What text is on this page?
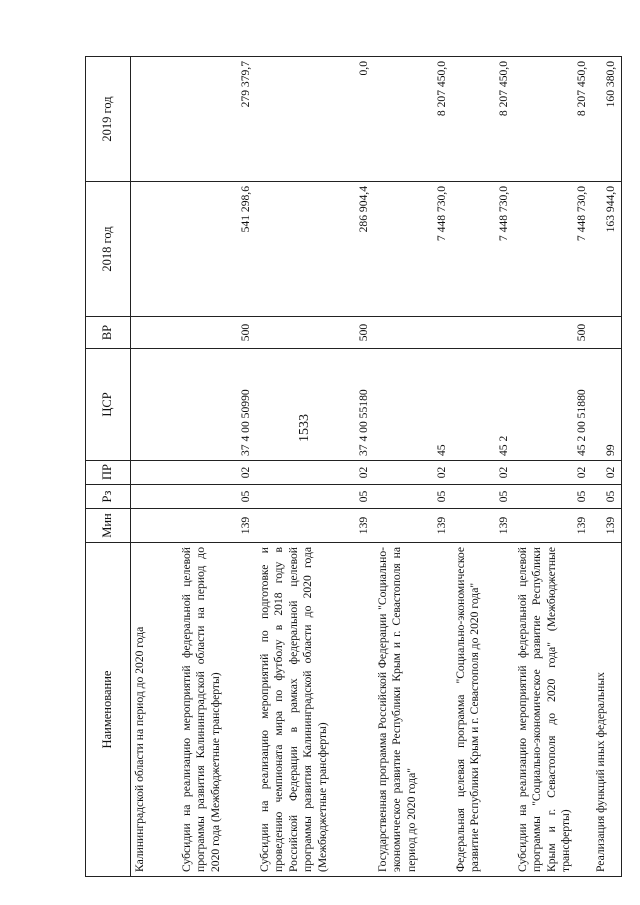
1533
Наименование	Мин	Рз	ПР	ЦСР	ВР	2018 год	2019 год
Калининградской области на период до 2020 года							
Субсидии на реализацию мероприятий федеральной целевой программы развития Калининградской области на период до 2020 года (Межбюджетные трансферты)	139	05	02	37 4 00 50990	500	541 298,6	279 379,7
Субсидии на реализацию мероприятий по подготовке и проведению чемпионата мира по футболу в 2018 году в Российской Федерации в рамках федеральной целевой программы развития Калининградской области до 2020 года (Межбюджетные трансферты)	139	05	02	37 4 00 55180	500	286 904,4	0,0
Государственная программа Российской Федерации "Социально-экономическое развитие Республики Крым и г. Севастополя на период до 2020 года"	139	05	02	45		7 448 730,0	8 207 450,0
Федеральная целевая программа "Социально-экономическое развитие Республики Крым и г. Севастополя до 2020 года"	139	05	02	45 2		7 448 730,0	8 207 450,0
Субсидии на реализацию мероприятий федеральной целевой программы "Социально-экономическое развитие Республики Крым и г. Севастополя до 2020 года" (Межбюджетные трансферты)	139	05	02	45 2 00 51880	500	7 448 730,0	8 207 450,0
Реализация функций иных федеральных	139	05	02	99		163 944,0	160 380,0
